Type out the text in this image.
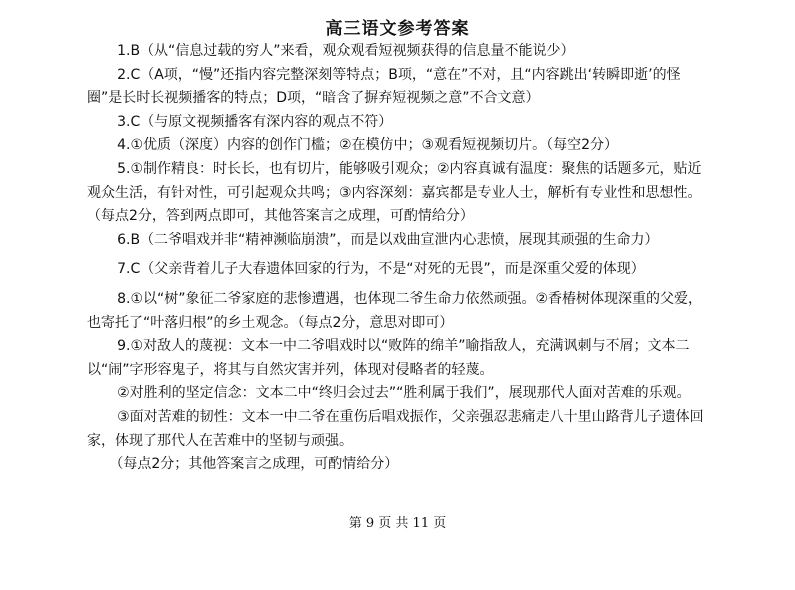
高三语文参考答案

1.B（从“信息过载的穷人”来看，观众观看短视频获得的信息量不能说少）

2.C（A项，“慢”还指内容完整深刻等特点；B项，“意在”不对，且“内容跳出‘转瞬即逝’的怪圈”是长时长视频播客的特点；D项，“暗含了摒弃短视频之意”不合文意）

3.C（与原文视频播客有深内容的观点不符）

4.①优质（深度）内容的创作门槛；②在模仿中；③观看短视频切片。（每空2分）

5.①制作精良：时长长，也有切片，能够吸引观众；②内容真诚有温度：聚焦的话题多元，贴近观众生活，有针对性，可引起观众共鸣；③内容深刻：嘉宾都是专业人士，解析有专业性和思想性。（每点2分，答到两点即可，其他答案言之成理，可酌情给分）

6.B（二爷唱戏并非“精神濒临崩溃”，而是以戏曲宣泄内心悲愤，展现其顽强的生命力）

7.C（父亲背着儿子大春遗体回家的行为，不是“对死的无畏”，而是深重父爱的体现）

8.①以“树”象征二爷家庭的悲惨遭遇，也体现二爷生命力依然顽强。②香椿树体现深重的父爱，也寄托了“叶落归根”的乡土观念。（每点2分，意思对即可）

9.①对敌人的蔑视：文本一中二爷唱戏时以“败阵的绵羊”喻指敌人，充满讽刺与不屑；文本二以“闹”字形容鬼子，将其与自然灾害并列，体现对侵略者的轻蔑。

②对胜利的坚定信念：文本二中“终归会过去”“胜利属于我们”，展现那代人面对苦难的乐观。

③面对苦难的韧性：文本一中二爷在重伤后唱戏振作，父亲强忍悲痛走八十里山路背儿子遗体回家，体现了那代人在苦难中的坚韧与顽强。

（每点2分；其他答案言之成理，可酌情给分）

第 9 页 共 11 页
